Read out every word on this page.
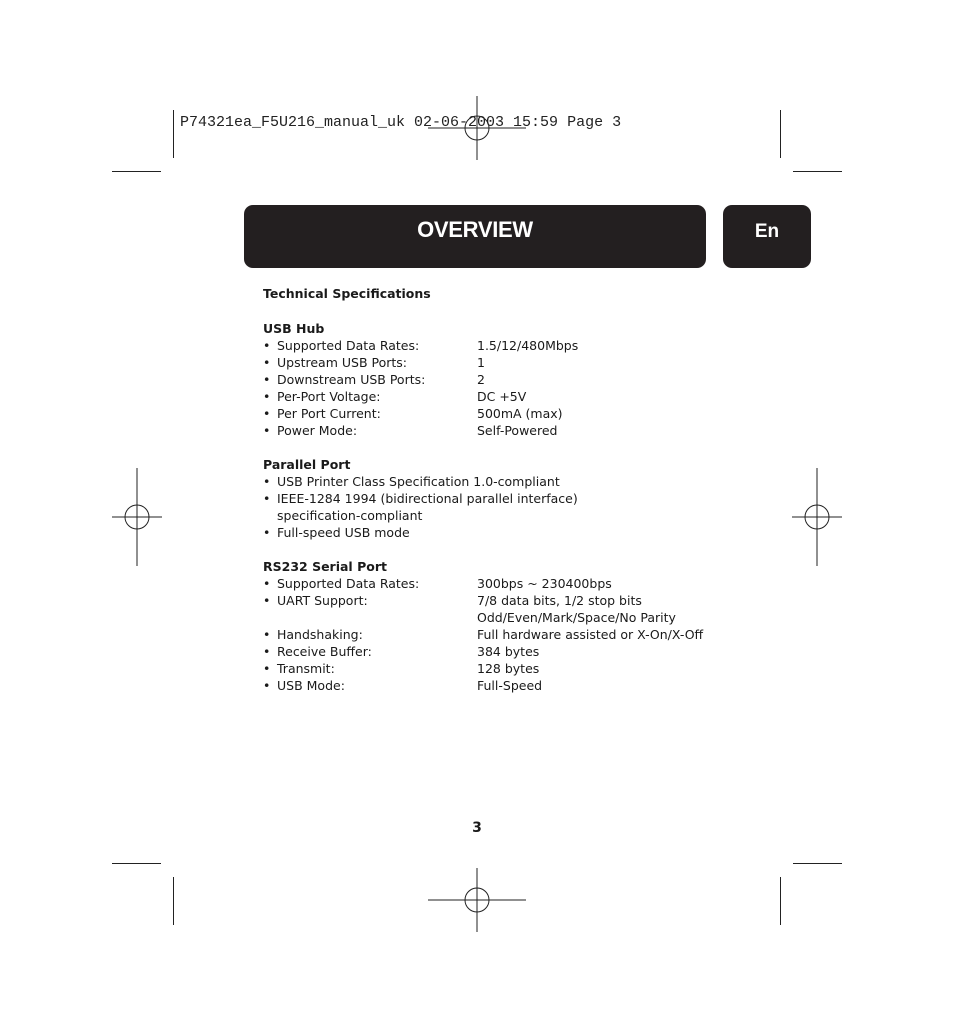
P74321ea_F5U216_manual_uk 02-06-2003 15:59 Page 3
OVERVIEW	En

Technical Specifications

USB Hub

• Supported Data Rates:	1.5/12/480Mbps
• Upstream USB Ports:	1
• Downstream USB Ports:	2
• Per-Port Voltage:	DC +5V
• Per Port Current:	500mA (max)
• Power Mode:	Self-Powered

Parallel Port

• USB Printer Class Specification 1.0-compliant
• IEEE-1284 1994 (bidirectional parallel interface) specification-compliant
• Full-speed USB mode

RS232 Serial Port

• Supported Data Rates:	300bps ~ 230400bps
• UART Support:	7/8 data bits, 1/2 stop bits
Odd/Even/Mark/Space/No Parity
• Handshaking:	Full hardware assisted or X-On/X-Off
• Receive Buffer:	384 bytes
• Transmit:	128 bytes
• USB Mode:	Full-Speed
3
